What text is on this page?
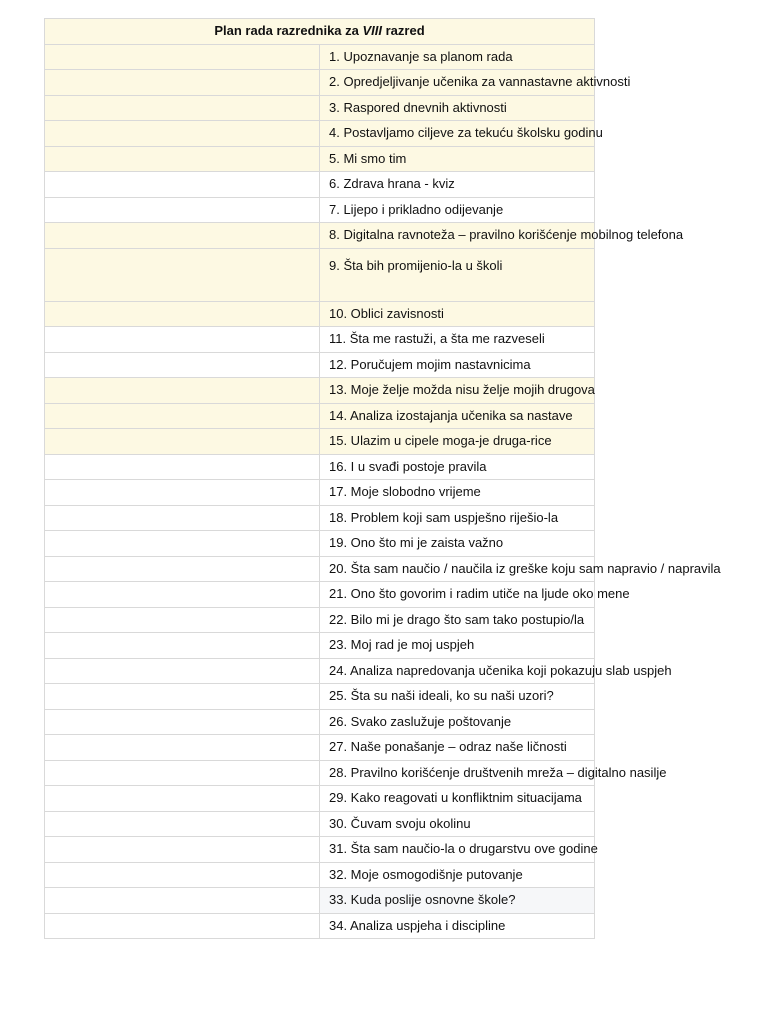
Plan rada razrednika za VIII razred	
	1. Upoznavanje sa planom rada
	2. Opredjeljivanje učenika za vannastavne aktivnosti
	3. Raspored dnevnih aktivnosti
	4. Postavljamo ciljeve za tekuću školsku godinu
	5. Mi smo tim
	6. Zdrava hrana - kviz
	7. Lijepo i prikladno odijevanje
	8. Digitalna ravnoteža – pravilno korišćenje mobilnog telefona
	9. Šta bih promijenio-la u školi
	10. Oblici zavisnosti
	11. Šta me rastuži, a šta me razveseli
	12. Poručujem mojim nastavnicima
	13. Moje želje možda nisu želje mojih drugova
	14. Analiza izostajanja učenika sa nastave
	15. Ulazim u cipele moga-je druga-rice
	16. I u svađi postoje pravila
	17. Moje slobodno vrijeme
	18. Problem koji sam uspješno riješio-la
	19. Ono što mi je zaista važno
	20. Šta sam naučio / naučila iz greške koju sam napravio / napravila
	21. Ono što govorim i radim utiče na ljude oko mene
	22. Bilo mi je drago što sam tako postupio/la
	23. Moj rad je moj uspjeh
	24. Analiza napredovanja učenika koji pokazuju slab uspjeh
	25. Šta su naši ideali, ko su naši uzori?
	26. Svako zaslužuje poštovanje
	27. Naše ponašanje – odraz naše ličnosti
	28. Pravilno korišćenje društvenih mreža – digitalno nasilje
	29. Kako reagovati u konfliktnim situacijama
	30. Čuvam svoju okolinu
	31. Šta sam naučio-la o drugarstvu ove godine
	32. Moje osmogodišnje putovanje
	33. Kuda poslije osnovne škole?
	34. Analiza uspjeha i discipline
